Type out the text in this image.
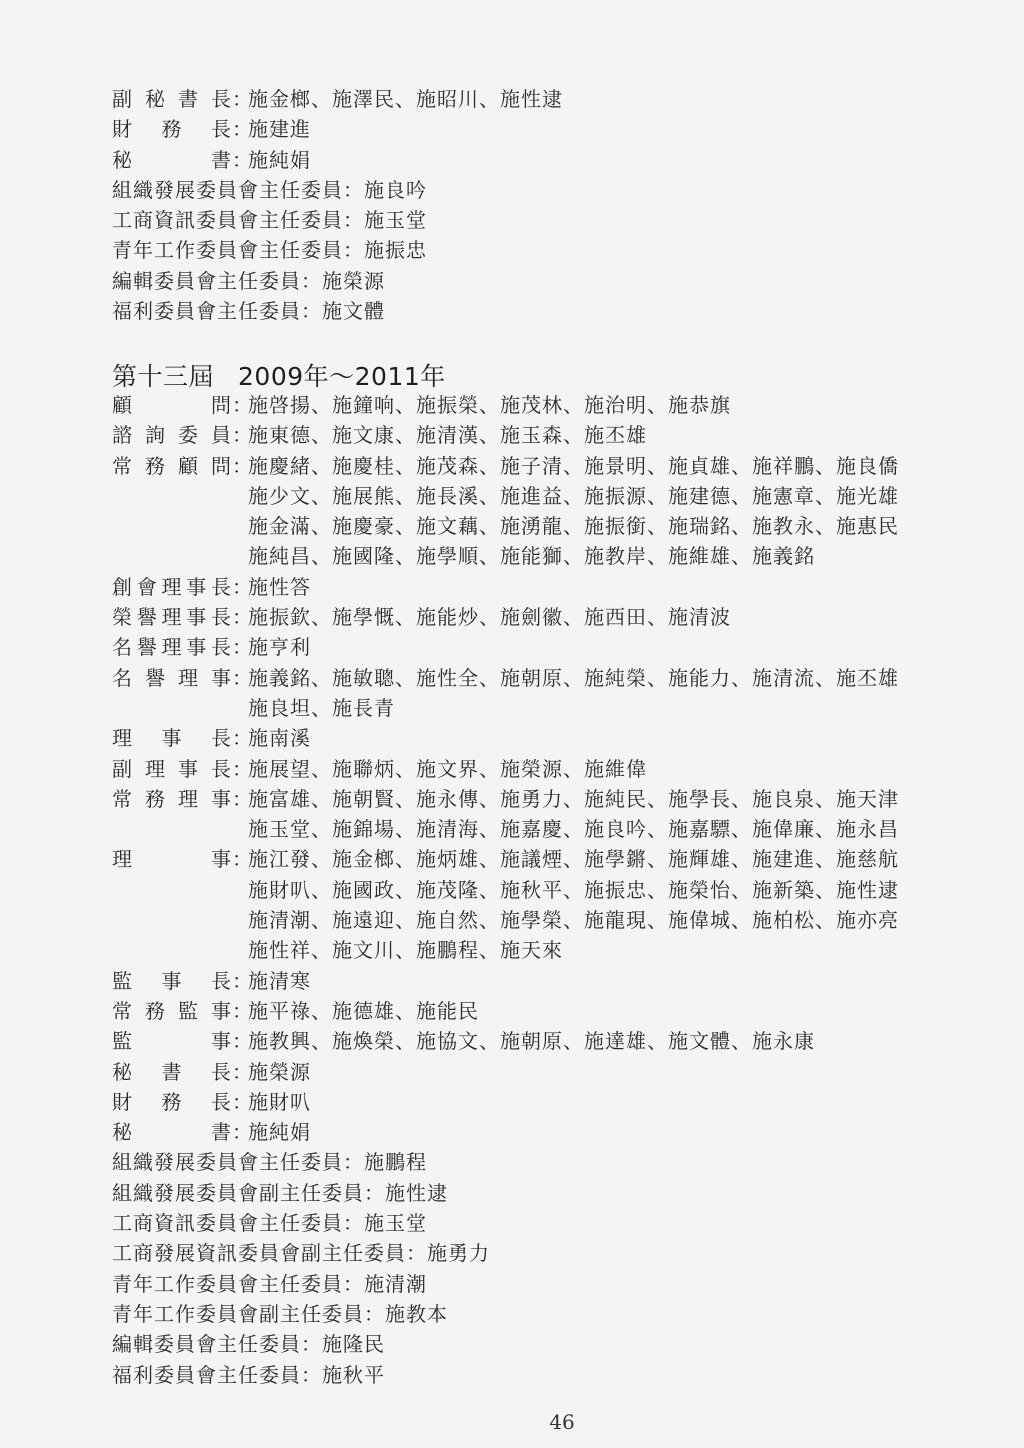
副秘書長 ：
施金榔、施澤民、施昭川、施性逮
財務長 ：
施建進
秘書 ：
施純娟
組織發展委員會主任委員：施良吟
工商資訊委員會主任委員：施玉堂
青年工作委員會主任委員：施振忠
編輯委員會主任委員：施榮源
福利委員會主任委員：施文體
第十三屆 2009年～2011年
顧問 ：
施啓揚、施鐘响、施振榮、施茂林、施治明、施恭旗
諮詢委員 ：
施東德、施文康、施清漢、施玉森、施丕雄
常務顧問 ：
施慶緒、施慶桂、施茂森、施子清、施景明、施貞雄、施祥鵬、施良僑
施少文、施展熊、施長溪、施進益、施振源、施建德、施憲章、施光雄
施金滿、施慶豪、施文藕、施湧龍、施振銜、施瑞銘、施教永、施惠民
施純昌、施國隆、施學順、施能獅、施教岸、施維雄、施義銘
創會理事長 ：
施性答
榮譽理事長 ：
施振欽、施學慨、施能炒、施劍徽、施西田、施清波
名譽理事長 ：
施亨利
名譽理事 ：
施義銘、施敏聰、施性全、施朝原、施純榮、施能力、施清流、施丕雄
施良坦、施長青
理事長 ：
施南溪
副理事長 ：
施展望、施聯炳、施文界、施榮源、施維偉
常務理事 ：
施富雄、施朝賢、施永傳、施勇力、施純民、施學長、施良泉、施天津
施玉堂、施錦場、施清海、施嘉慶、施良吟、施嘉驃、施偉廉、施永昌
理事 ：
施江發、施金榔、施炳雄、施議煙、施學鏘、施輝雄、施建進、施慈航
施財叭、施國政、施茂隆、施秋平、施振忠、施榮怡、施新築、施性逮
施清潮、施遠迎、施自然、施學榮、施龍現、施偉城、施柏松、施亦亮
施性祥、施文川、施鵬程、施天來
監事長 ：
施清寒
常務監事 ：
施平祿、施德雄、施能民
監事 ：
施教興、施煥榮、施協文、施朝原、施達雄、施文體、施永康
秘書長 ：
施榮源
財務長 ：
施財叭
秘書 ：
施純娟
組織發展委員會主任委員：施鵬程
組織發展委員會副主任委員：施性逮
工商資訊委員會主任委員：施玉堂
工商發展資訊委員會副主任委員：施勇力
青年工作委員會主任委員：施清潮
青年工作委員會副主任委員：施教本
編輯委員會主任委員：施隆民
福利委員會主任委員：施秋平
46
